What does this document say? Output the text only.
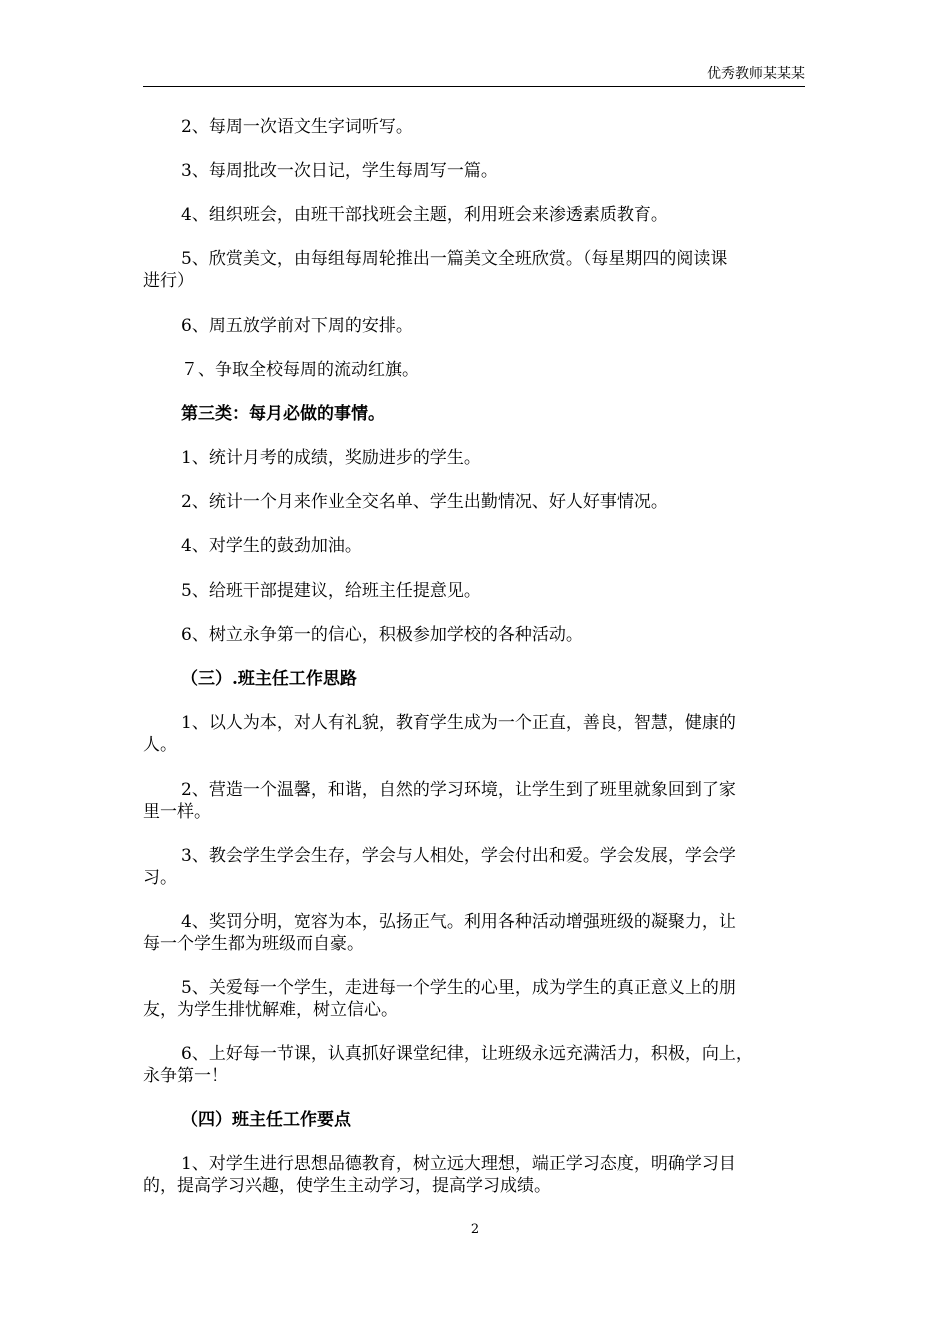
优秀教师某某某
2、每周一次语文生字词听写。
3、每周批改一次日记，学生每周写一篇。
4、组织班会，由班干部找班会主题，利用班会来渗透素质教育。
5、欣赏美文，由每组每周轮推出一篇美文全班欣赏。（每星期四的阅读课
进行）
6、周五放学前对下周的安排。
７、争取全校每周的流动红旗。
第三类：每月必做的事情。
1、统计月考的成绩，奖励进步的学生。
2、统计一个月来作业全交名单、学生出勤情况、好人好事情况。
4、对学生的鼓劲加油。
5、给班干部提建议，给班主任提意见。
6、树立永争第一的信心，积极参加学校的各种活动。
（三）.班主任工作思路
1、以人为本，对人有礼貌，教育学生成为一个正直，善良，智慧，健康的
人。
2、营造一个温馨，和谐，自然的学习环境，让学生到了班里就象回到了家
里一样。
3、教会学生学会生存，学会与人相处，学会付出和爱。学会发展，学会学
习。
4、奖罚分明，宽容为本，弘扬正气。利用各种活动增强班级的凝聚力，让
每一个学生都为班级而自豪。
5、关爱每一个学生，走进每一个学生的心里，成为学生的真正意义上的朋
友，为学生排忧解难，树立信心。
6、上好每一节课，认真抓好课堂纪律，让班级永远充满活力，积极，向上，
永争第一！
（四）班主任工作要点
1、对学生进行思想品德教育，树立远大理想，端正学习态度，明确学习目
的，提高学习兴趣，使学生主动学习，提高学习成绩。
2
